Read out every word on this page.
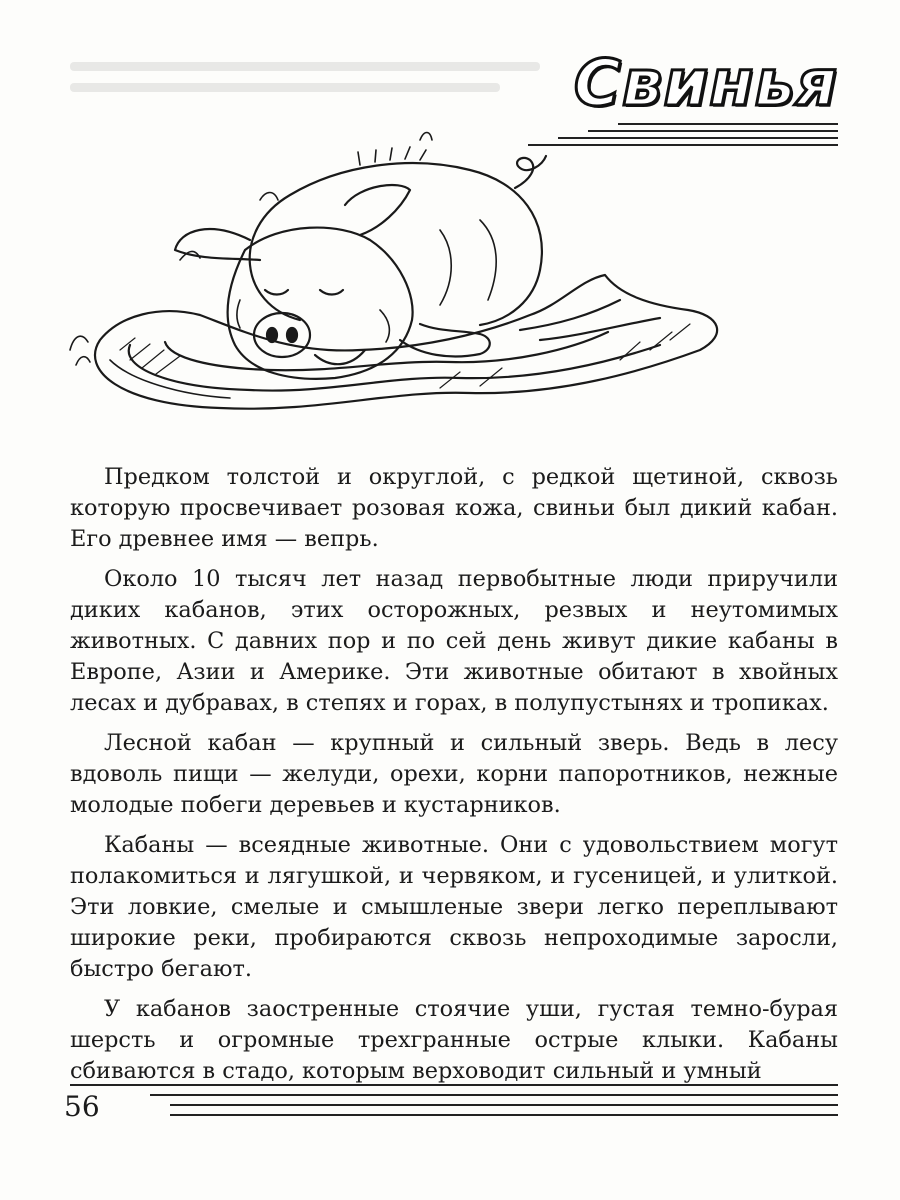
Свинья

Предком толстой и округлой, с редкой щетиной, сквозь которую просвечивает розовая кожа, свиньи был дикий кабан. Его древнее имя — вепрь.

Около 10 тысяч лет назад первобытные люди приручили диких кабанов, этих осторожных, резвых и неутомимых животных. С давних пор и по сей день живут дикие кабаны в Европе, Азии и Америке. Эти животные обитают в хвойных лесах и дубравах, в степях и горах, в полупустынях и тропиках.

Лесной кабан — крупный и сильный зверь. Ведь в лесу вдоволь пищи — желуди, орехи, корни папоротников, нежные молодые побеги деревьев и кустарников.

Кабаны — всеядные животные. Они с удовольствием могут полакомиться и лягушкой, и червяком, и гусеницей, и улиткой. Эти ловкие, смелые и смышленые звери легко переплывают широкие реки, пробираются сквозь непроходимые заросли, быстро бегают.

У кабанов заостренные стоячие уши, густая темно-бурая шерсть и огромные трехгранные острые клыки. Кабаны сбиваются в стадо, которым верховодит сильный и умный

56
